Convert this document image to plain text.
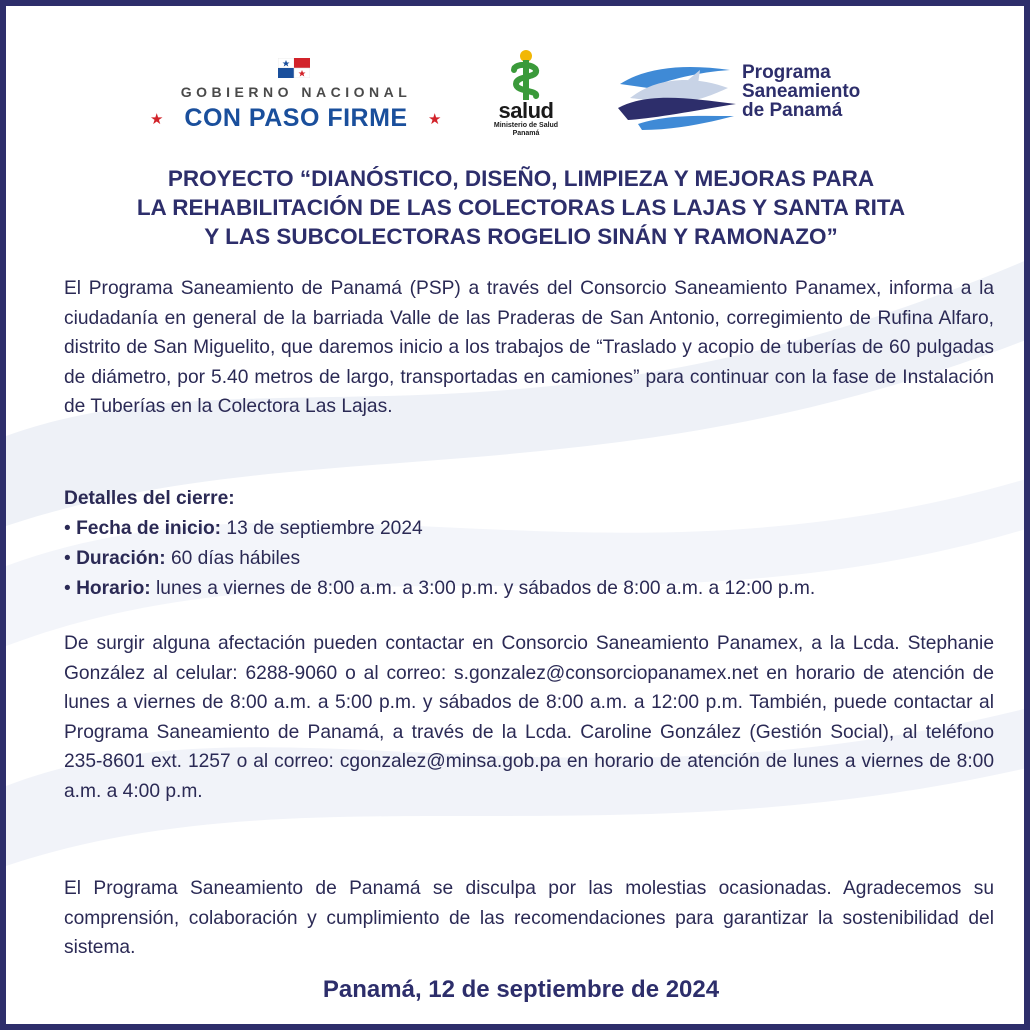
GOBIERNO NACIONAL
★ CON PASO FIRME	★	salud
Ministerio de Salud
Panamá
Programa
Saneamiento
de Panamá
PROYECTO “DIANÓSTICO, DISEÑO, LIMPIEZA Y MEJORAS PARA
LA REHABILITACIÓN DE LAS COLECTORAS LAS LAJAS Y SANTA RITA
Y LAS SUBCOLECTORAS ROGELIO SINÁN Y RAMONAZO”
El Programa Saneamiento de Panamá (PSP) a través del Consorcio Saneamiento Panamex, informa a la ciudadanía en general de la barriada Valle de las Praderas de San Antonio, corregimiento de Rufina Alfaro, distrito de San Miguelito, que daremos inicio a los trabajos de “Traslado y acopio de tuberías de 60 pulgadas de diámetro, por 5.40 metros de largo, transportadas en camiones” para continuar con la fase de Instalación de Tuberías en la Colectora Las Lajas.
Detalles del cierre:
• Fecha de inicio: 13 de septiembre 2024
• Duración: 60 días hábiles
• Horario: lunes a viernes de 8:00 a.m. a 3:00 p.m. y sábados de 8:00 a.m. a 12:00 p.m.
De surgir alguna afectación pueden contactar en Consorcio Saneamiento Panamex, a la Lcda. Stephanie González al celular: 6288-9060 o al correo: s.gonzalez@consorciopanamex.net en horario de atención de lunes a viernes de 8:00 a.m. a 5:00 p.m. y sábados de 8:00 a.m. a 12:00 p.m. También, puede contactar al Programa Saneamiento de Panamá, a través de la Lcda. Caroline González (Gestión Social), al teléfono 235-8601 ext. 1257 o al correo: cgonzalez@minsa.gob.pa en horario de atención de lunes a viernes de 8:00 a.m. a 4:00 p.m.
El Programa Saneamiento de Panamá se disculpa por las molestias ocasionadas. Agradecemos su comprensión, colaboración y cumplimiento de las recomendaciones para garantizar la sostenibilidad del sistema.
Panamá, 12 de septiembre de 2024
